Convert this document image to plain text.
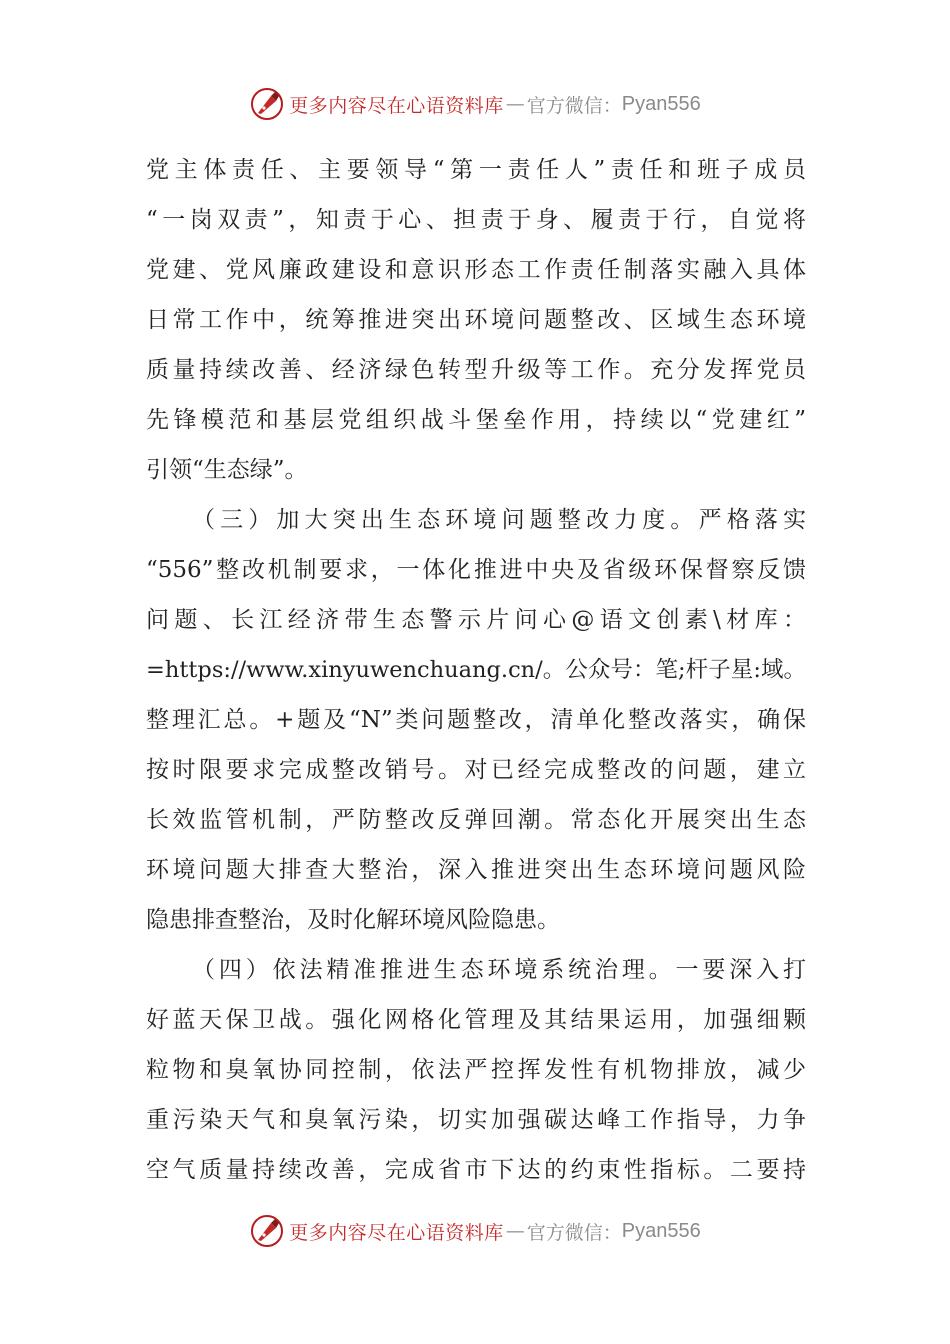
更多内容尽在心语资料库 — 官方微信： Pyan556
党主体责任、主要领导“第一责任人”责任和班子成员
“一岗双责”，知责于心、担责于身、履责于行，自觉将
党建、党风廉政建设和意识形态工作责任制落实融入具体
日常工作中，统筹推进突出环境问题整改、区域生态环境
质量持续改善、经济绿色转型升级等工作。充分发挥党员
先锋模范和基层党组织战斗堡垒作用，持续以“党建红”
引领“生态绿”。
（三）加大突出生态环境问题整改力度。严格落实
“556”整改机制要求，一体化推进中央及省级环保督察反馈
问题、长江经济带生态警示片问心@语文创素\材库：
=https://www.xinyuwenchuang.cn/。公众号：笔;杆子星:域。
整理汇总。+题及“N”类问题整改，清单化整改落实，确保
按时限要求完成整改销号。对已经完成整改的问题，建立
长效监管机制，严防整改反弹回潮。常态化开展突出生态
环境问题大排查大整治，深入推进突出生态环境问题风险
隐患排查整治，及时化解环境风险隐患。
（四）依法精准推进生态环境系统治理。一要深入打
好蓝天保卫战。强化网格化管理及其结果运用，加强细颗
粒物和臭氧协同控制，依法严控挥发性有机物排放，减少
重污染天气和臭氧污染，切实加强碳达峰工作指导，力争
空气质量持续改善，完成省市下达的约束性指标。二要持
更多内容尽在心语资料库 — 官方微信： Pyan556
